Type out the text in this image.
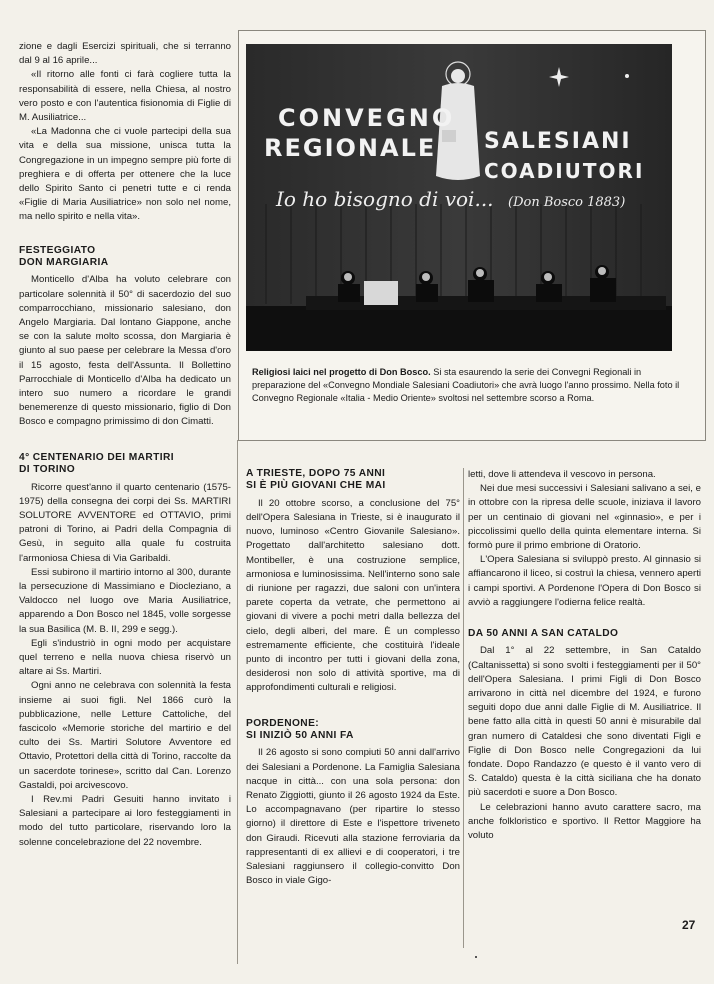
zione e dagli Esercizi spirituali, che si terranno dal 9 al 16 aprile...

«Il ritorno alle fonti ci farà cogliere tutta la responsabilità di essere, nella Chiesa, al nostro vero posto e con l'autentica fisionomia di Figlie di M. Ausiliatrice...

«La Madonna che ci vuole partecipi della sua vita e della sua missione, unisca tutta la Congregazione in un impegno sempre più forte di preghiera e di offerta per ottenere che la luce dello Spirito Santo ci penetri tutte e ci renda «Figlie di Maria Ausiliatrice» non solo nel nome, ma nello spirito e nella vita».

FESTEGGIATO
DON MARGIARIA

Monticello d'Alba ha voluto celebrare con particolare solennità il 50° di sacerdozio del suo comparrocchiano, missionario salesiano, don Angelo Margiaria. Dal lontano Giappone, anche se con la salute molto scossa, don Margiaria è giunto al suo paese per celebrare la Messa d'oro il 15 agosto, festa dell'Assunta. Il Bollettino Parrocchiale di Monticello d'Alba ha dedicato un intero suo numero a ricordare le grandi benemerenze di questo missionario, figlio di Don Bosco e compagno primissimo di don Cimatti.

4° CENTENARIO DEI MARTIRI
DI TORINO

Ricorre quest'anno il quarto centenario (1575-1975) della consegna dei corpi dei Ss. MARTIRI SOLUTORE AVVENTORE ed OTTAVIO, primi patroni di Torino, ai Padri della Compagnia di Gesù, in seguito alla quale fu costruita l'armoniosa Chiesa di Via Garibaldi.

Essi subirono il martirio intorno al 300, durante la persecuzione di Massimiano e Diocleziano, a Valdocco nel luogo ove Maria Ausiliatrice, apparendo a Don Bosco nel 1845, volle sorgesse la sua Basilica (M. B. II, 299 e segg.).

Egli s'industriò in ogni modo per acquistare quel terreno e nella nuova chiesa riservò un altare ai Ss. Martiri.

Ogni anno ne celebrava con solennità la festa insieme ai suoi figli. Nel 1866 curò la pubblicazione, nelle Letture Cattoliche, del fascicolo «Memorie storiche del martirio e del culto dei Ss. Martiri Solutore Avventore ed Ottavio, Protettori della città di Torino, raccolte da un sacerdote torinese», scritto dal Can. Lorenzo Gastaldi, poi arcivescovo.

I Rev.mi Padri Gesuiti hanno invitato i Salesiani a partecipare ai loro festeggiamenti in modo del tutto particolare, riservando loro la solenne concelebrazione del 22 novembre.

CONVEGNO
REGIONALE SALESIANI
COADIUTORI
Io ho bisogno di voi... (Don Bosco 1883)
Religiosi laici nel progetto di Don Bosco. Si sta esaurendo la serie dei Convegni Regionali in preparazione del «Convegno Mondiale Salesiani Coadiutori» che avrà luogo l'anno prossimo. Nella foto il Convegno Regionale «Italia - Medio Oriente» svoltosi nel settembre scorso a Roma.
A TRIESTE, DOPO 75 ANNI
SI È PIÙ GIOVANI CHE MAI

Il 20 ottobre scorso, a conclusione del 75° dell'Opera Salesiana in Trieste, si è inaugurato il nuovo, luminoso «Centro Giovanile Salesiano». Progettato dall'architetto salesiano dott. Montibeller, è una costruzione semplice, armoniosa e luminosissima. Nell'interno sono sale di riunione per ragazzi, due saloni con un'intera parete coperta da vetrate, che permettono ai giovani di vivere a pochi metri dalla bellezza del cielo, degli alberi, del mare. È un complesso estremamente efficiente, che costituirà l'ideale punto di incontro per tutti i giovani della zona, desiderosi non solo di attività sportive, ma di approfondimenti culturali e religiosi.

PORDENONE:
SI INIZIÒ 50 ANNI FA

Il 26 agosto si sono compiuti 50 anni dall'arrivo dei Salesiani a Pordenone. La Famiglia Salesiana nacque in città... con una sola persona: don Renato Ziggiotti, giunto il 26 agosto 1924 da Este. Lo accompagnavano (per ripartire lo stesso giorno) il direttore di Este e l'ispettore triveneto don Giraudi. Ricevuti alla stazione ferroviaria da rappresentanti di ex allievi e di cooperatori, i tre Salesiani raggiunsero il collegio-convitto Don Bosco in viale Gigo-

letti, dove li attendeva il vescovo in persona.

Nei due mesi successivi i Salesiani salivano a sei, e in ottobre con la ripresa delle scuole, iniziava il lavoro per un centinaio di giovani nel «ginnasio», e per i piccolissimi quello della quinta elementare interna. Si formò pure il primo embrione di Oratorio.

L'Opera Salesiana si sviluppò presto. Al ginnasio si affiancarono il liceo, si costruì la chiesa, vennero aperti i campi sportivi. A Pordenone l'Opera di Don Bosco si avviò a raggiungere l'odierna felice realtà.

DA 50 ANNI A SAN CATALDO

Dal 1° al 22 settembre, in San Cataldo (Caltanissetta) si sono svolti i festeggiamenti per il 50° dell'Opera Salesiana. I primi Figli di Don Bosco arrivarono in città nel dicembre del 1924, e furono seguiti dopo due anni dalle Figlie di M. Ausiliatrice. Il bene fatto alla città in questi 50 anni è misurabile dal gran numero di Cataldesi che sono diventati Figli e Figlie di Don Bosco nelle Congregazioni da lui fondate. Dopo Randazzo (e questo è il vanto vero di S. Cataldo) questa è la città siciliana che ha donato più sacerdoti e suore a Don Bosco.

Le celebrazioni hanno avuto carattere sacro, ma anche folkloristico e sportivo. Il Rettor Maggiore ha voluto

27
